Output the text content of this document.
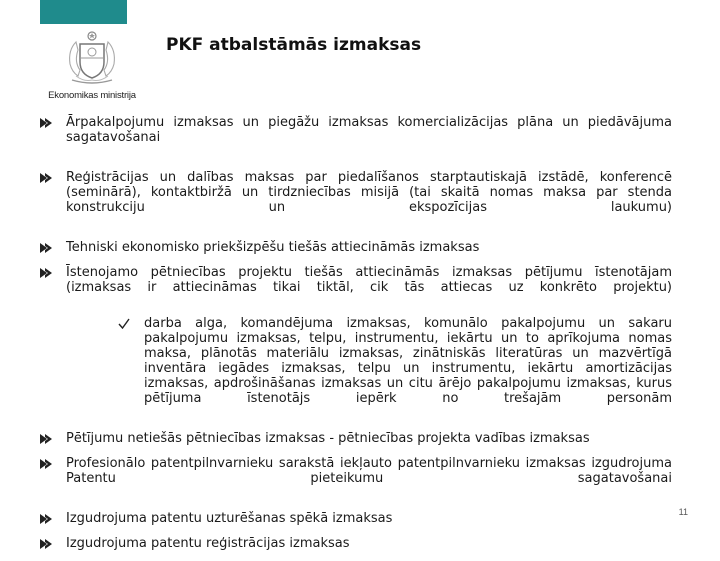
Ekonomikas ministrija
PKF atbalstāmās izmaksas
Ārpakalpojumu izmaksas un piegāžu izmaksas komercializācijas plāna un piedāvājuma sagatavošanai
Reģistrācijas un dalības maksas par piedalīšanos starptautiskajā izstādē, konferencē (seminārā), kontaktbiržā un tirdzniecības misijā (tai skaitā nomas maksa par stenda konstrukciju un ekspozīcijas laukumu)
Tehniski ekonomisko priekšizpēšu tiešās attiecināmās izmaksas
Īstenojamo pētniecības projektu tiešās attiecināmās izmaksas pētījumu īstenotājam (izmaksas ir attiecināmas tikai tiktāl, cik tās attiecas uz konkrēto projektu)
darba alga, komandējuma izmaksas, komunālo pakalpojumu un sakaru pakalpojumu izmaksas, telpu, instrumentu, iekārtu un to aprīkojuma nomas maksa, plānotās materiālu izmaksas, zinātniskās literatūras un mazvērtīgā inventāra iegādes izmaksas, telpu un instrumentu, iekārtu amortizācijas izmaksas, apdrošināšanas izmaksas un citu ārējo pakalpojumu izmaksas, kurus pētījuma īstenotājs iepērk no trešajām personām
Pētījumu netiešās pētniecības izmaksas - pētniecības projekta vadības izmaksas
Profesionālo patentpilnvarnieku sarakstā iekļauto patentpilnvarnieku izmaksas izgudrojuma Patentu pieteikumu sagatavošanai
Izgudrojuma patentu uzturēšanas spēkā izmaksas
Izgudrojuma patentu reģistrācijas izmaksas
11
